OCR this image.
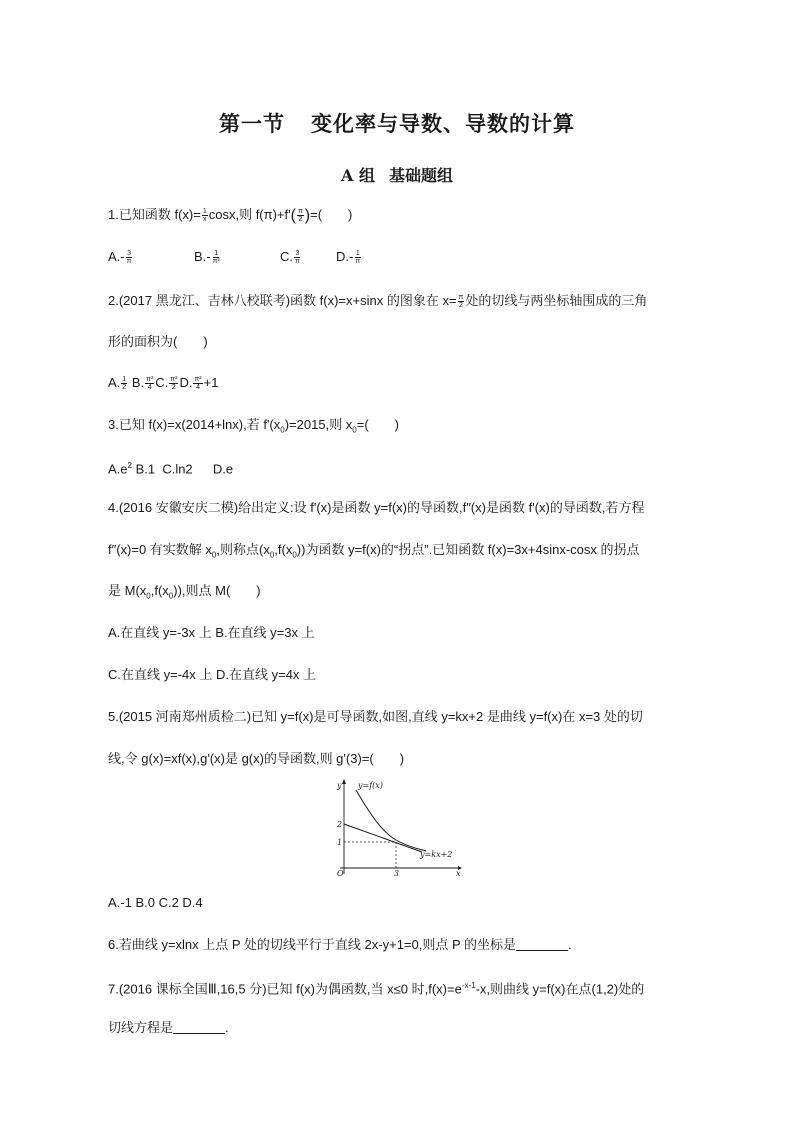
第一节 变化率与导数、导数的计算
A 组 基础题组
1.已知函数 $f(x)= \frac{1}{x} \cos x$,则 $f(\pi)+f'( \frac{\pi}{2}$ )=(　　)
$A.- \frac{3}{\pi}$	$B.- \frac{1}{\text{π²}}$	C. $\frac{3}{\pi}$	$D.- \frac{1}{\pi}$
2.(2017 黑龙江、吉林八校联考)函数 f(x)=x+sinx 的图象在 $x= \frac{\pi}{2}$ 处的切线与两坐标轴围成的三角
形的面积为(　　)
A. $\frac{1}{2} B$. $\frac{\text{π²}}{4} C$. $\frac{\text{π²}}{2} D$. $\frac{\text{π²}}{4} +1$
3.已知 f(x)=x(2014+lnx),若 $f'(x_0)=2015$,则 $x_0=$(　　)
$A.e^2$ B.1  C.ln2  　D.e
4.(2016 安徽安庆二模)给出定义:设 f'(x)是函数 y=f(x)的导函数,f″(x)是函数 f'(x)的导函数,若方程
f″(x)=0 有实数解 $x_0$,则称点$(x_0,f(x_0))$为函数 y=f(x)的“拐点”.已知函数 f(x)=3x+4sinx-cosx 的拐点
是 $M(x_0,f(x_0))$,则点 M(　　)
A.在直线 y=-3x 上 B.在直线 y=3x 上
C.在直线 y=-4x 上 D.在直线 y=4x 上
5.(2015 河南郑州质检二)已知 y=f(x)是可导函数,如图,直线 y=kx+2 是曲线 y=f(x)在 x=3 处的切
线,令 g(x)=xf(x),g'(x)是 g(x)的导函数,则 g'(3)=(　　)
y
x
O
y=f(x)
y=kx+2
2
1
3
A.-1 B.0 C.2 D.4
6.若曲线 y=xlnx 上点 P 处的切线平行于直线 2x-y+1=0,则点 P 的坐标是	.
7.(2016 课标全国Ⅲ,16,5 分)已知 f(x)为偶函数,当 x≤0 时$,f(x)=e^{-x-1}-x$,则曲线 y=f(x)在点(1,2)处的
切线方程是	.
